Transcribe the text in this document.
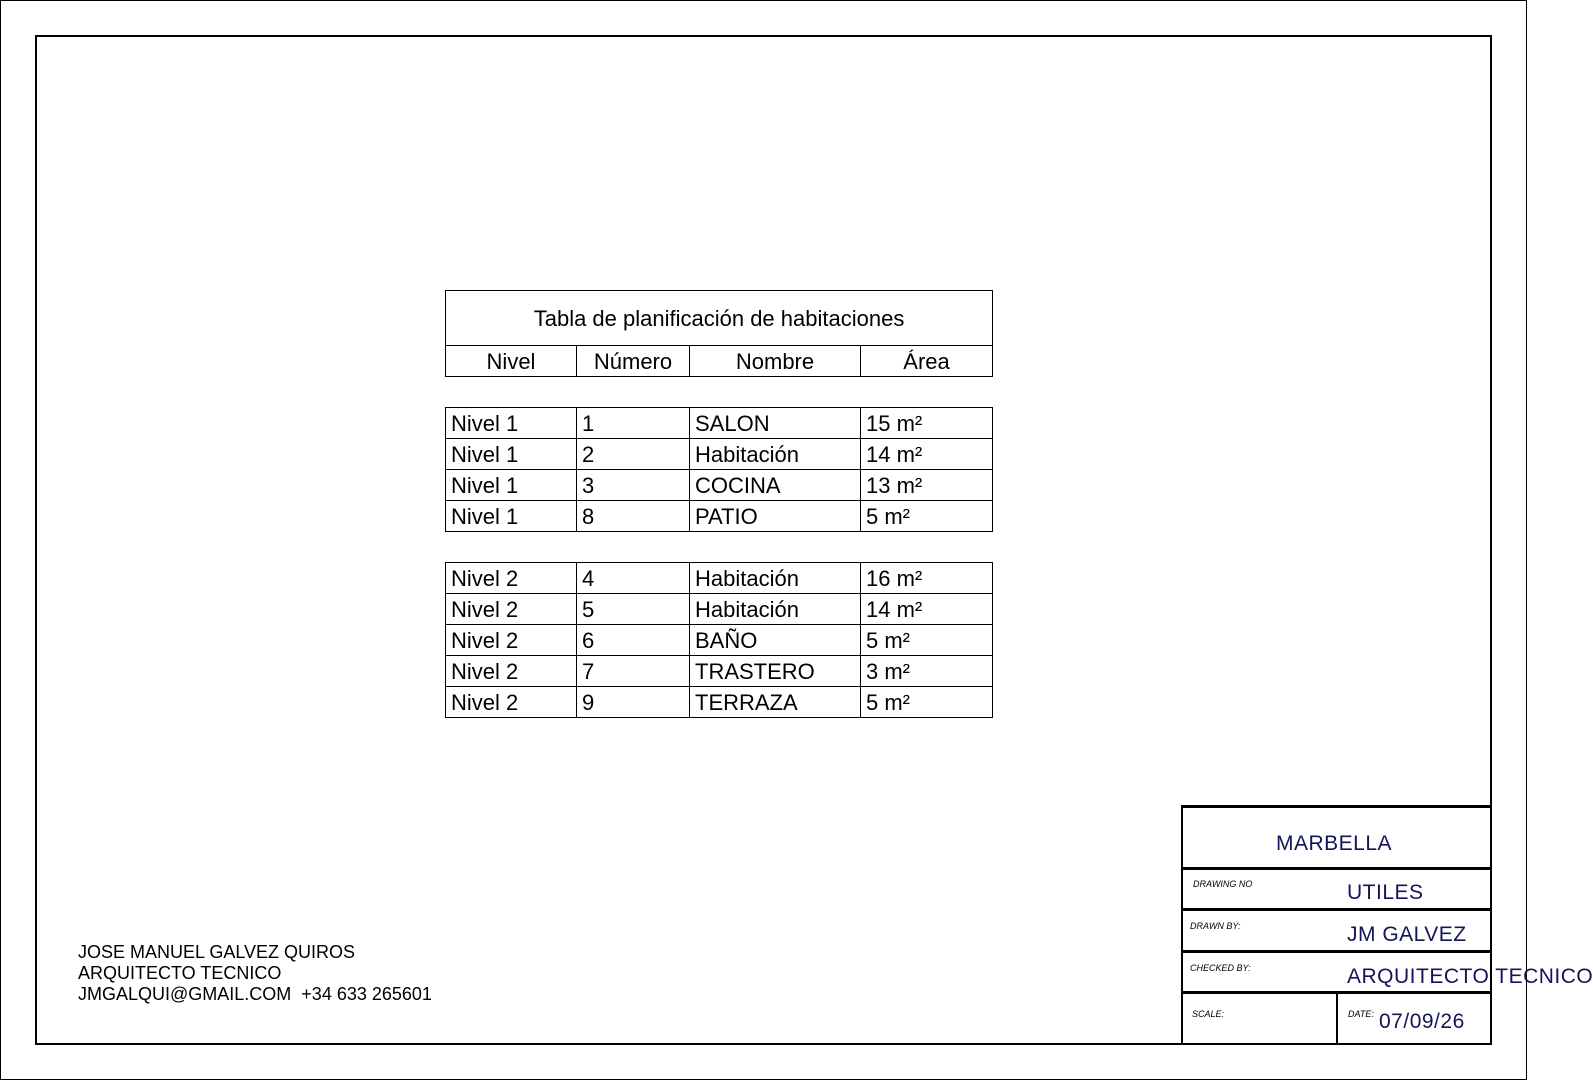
Tabla de planificación de habitaciones
Nivel	Número	Nombre	Área
Nivel 1	1	SALON	15 m²
Nivel 1	2	Habitación	14 m²
Nivel 1	3	COCINA	13 m²
Nivel 1	8	PATIO	5 m²
Nivel 2	4	Habitación	16 m²
Nivel 2	5	Habitación	14 m²
Nivel 2	6	BAÑO	5 m²
Nivel 2	7	TRASTERO	3 m²
Nivel 2	9	TERRAZA	5 m²
JOSE MANUEL GALVEZ QUIROS
ARQUITECTO TECNICO
JMGALQUI@GMAIL.COM  +34 633 265601
MARBELLA
DRAWING NO	UTILES
DRAWN BY:	JM GALVEZ
CHECKED BY:	ARQUITECTO TECNICO
SCALE:	DATE: 07/09/26
